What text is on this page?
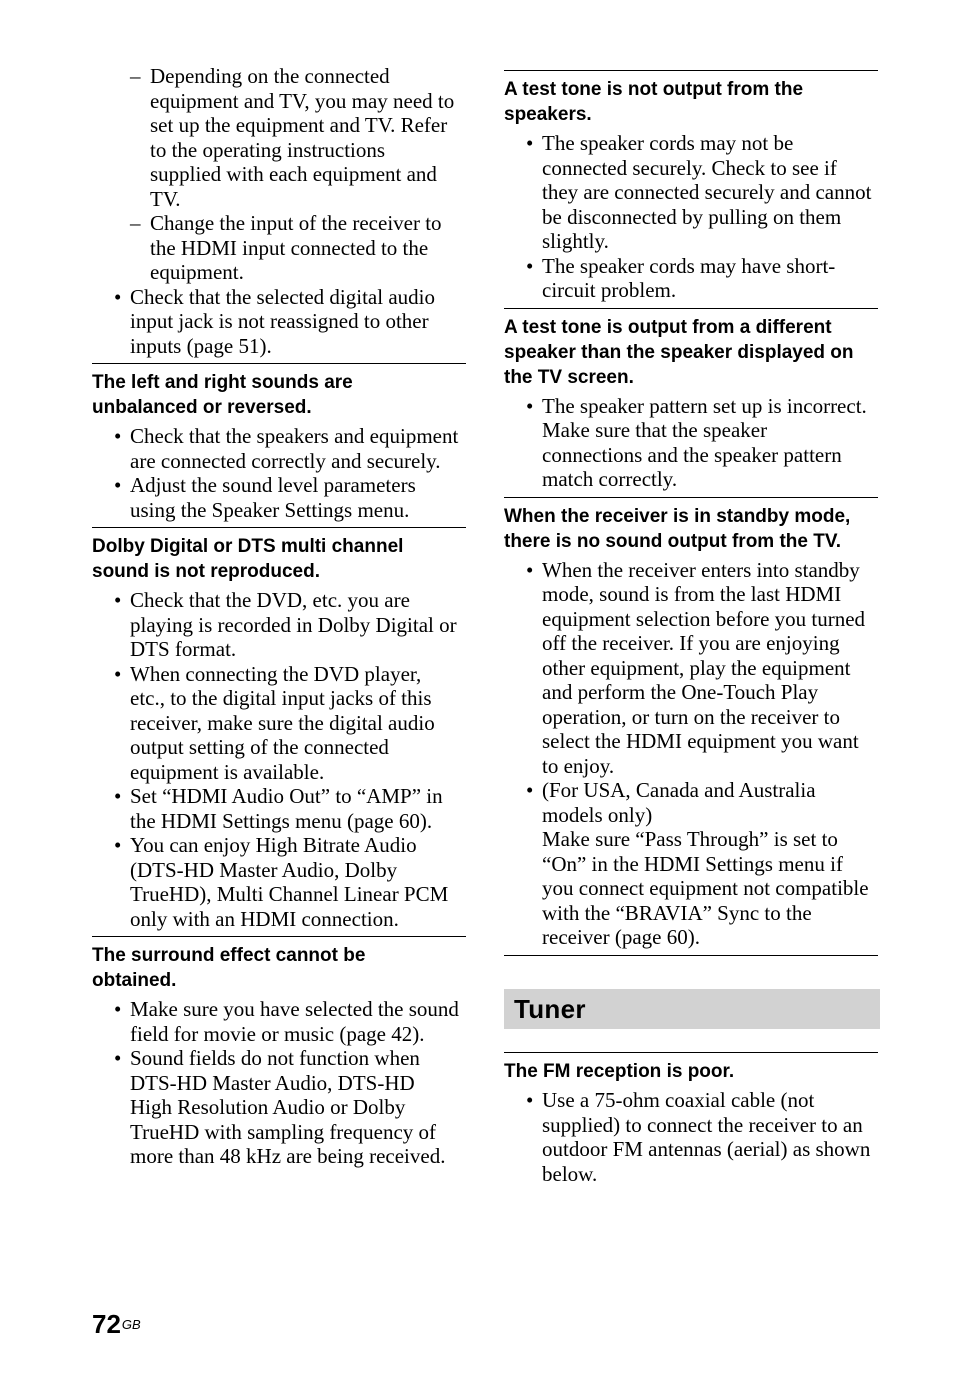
– Depending on the connected
equipment and TV, you may need to
set up the equipment and TV. Refer
to the operating instructions
supplied with each equipment and
TV.
– Change the input of the receiver to
the HDMI input connected to the
equipment.
• Check that the selected digital audio
input jack is not reassigned to other
inputs (page 51).
The left and right sounds are
unbalanced or reversed.
• Check that the speakers and equipment
are connected correctly and securely.
• Adjust the sound level parameters
using the Speaker Settings menu.
Dolby Digital or DTS multi channel
sound is not reproduced.
• Check that the DVD, etc. you are
playing is recorded in Dolby Digital or
DTS format.
• When connecting the DVD player,
etc., to the digital input jacks of this
receiver, make sure the digital audio
output setting of the connected
equipment is available.
• Set “HDMI Audio Out” to “AMP” in
the HDMI Settings menu (page 60).
• You can enjoy High Bitrate Audio
(DTS-HD Master Audio, Dolby
TrueHD), Multi Channel Linear PCM
only with an HDMI connection.
The surround effect cannot be
obtained.
• Make sure you have selected the sound
field for movie or music (page 42).
• Sound fields do not function when
DTS-HD Master Audio, DTS-HD
High Resolution Audio or Dolby
TrueHD with sampling frequency of
more than 48 kHz are being received.
A test tone is not output from the
speakers.
• The speaker cords may not be
connected securely. Check to see if
they are connected securely and cannot
be disconnected by pulling on them
slightly.
• The speaker cords may have short-
circuit problem.
A test tone is output from a different
speaker than the speaker displayed on
the TV screen.
• The speaker pattern set up is incorrect.
Make sure that the speaker
connections and the speaker pattern
match correctly.
When the receiver is in standby mode,
there is no sound output from the TV.
• When the receiver enters into standby
mode, sound is from the last HDMI
equipment selection before you turned
off the receiver. If you are enjoying
other equipment, play the equipment
and perform the One-Touch Play
operation, or turn on the receiver to
select the HDMI equipment you want
to enjoy.
• (For USA, Canada and Australia
models only)
Make sure “Pass Through” is set to
“On” in the HDMI Settings menu if
you connect equipment not compatible
with the “BRAVIA” Sync to the
receiver (page 60).
Tuner
The FM reception is poor.
• Use a 75-ohm coaxial cable (not
supplied) to connect the receiver to an
outdoor FM antennas (aerial) as shown
below.
$72^{GB}$
